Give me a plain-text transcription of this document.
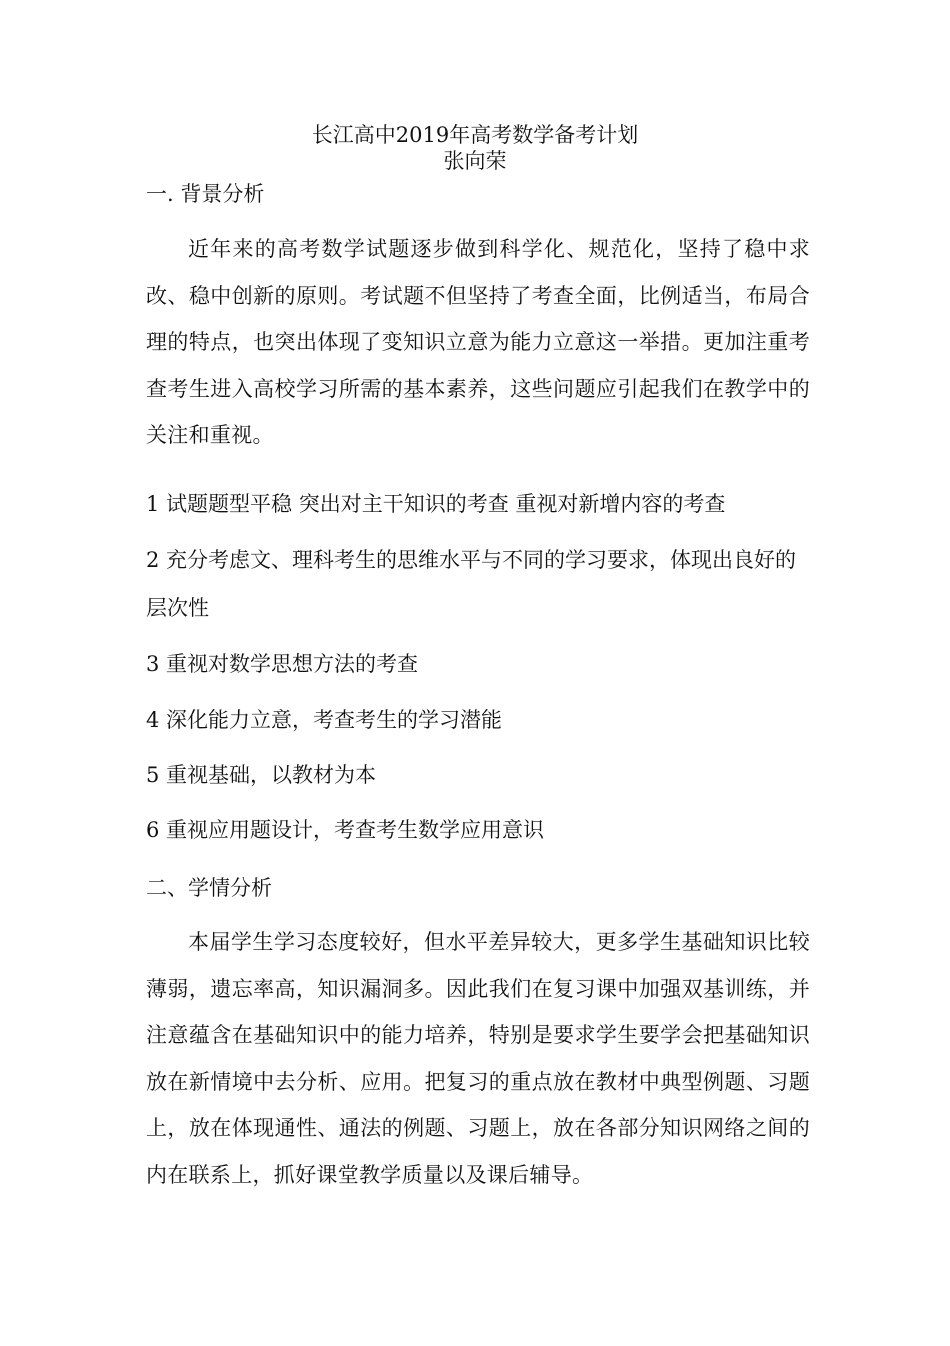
长江高中2019年高考数学备考计划
张向荣
一. 背景分析
近年来的高考数学试题逐步做到科学化、规范化，坚持了稳中求改、稳中创新的原则。考试题不但坚持了考查全面，比例适当，布局合理的特点，也突出体现了变知识立意为能力立意这一举措。更加注重考查考生进入高校学习所需的基本素养，这些问题应引起我们在教学中的关注和重视。
1 试题题型平稳 突出对主干知识的考查 重视对新增内容的考查
2 充分考虑文、理科考生的思维水平与不同的学习要求，体现出良好的层次性
3 重视对数学思想方法的考查
4 深化能力立意，考查考生的学习潜能
5 重视基础，以教材为本
6 重视应用题设计，考查考生数学应用意识
二、学情分析
本届学生学习态度较好，但水平差异较大，更多学生基础知识比较薄弱，遗忘率高，知识漏洞多。因此我们在复习课中加强双基训练，并注意蕴含在基础知识中的能力培养，特别是要求学生要学会把基础知识放在新情境中去分析、应用。把复习的重点放在教材中典型例题、习题上，放在体现通性、通法的例题、习题上，放在各部分知识网络之间的内在联系上，抓好课堂教学质量以及课后辅导。
